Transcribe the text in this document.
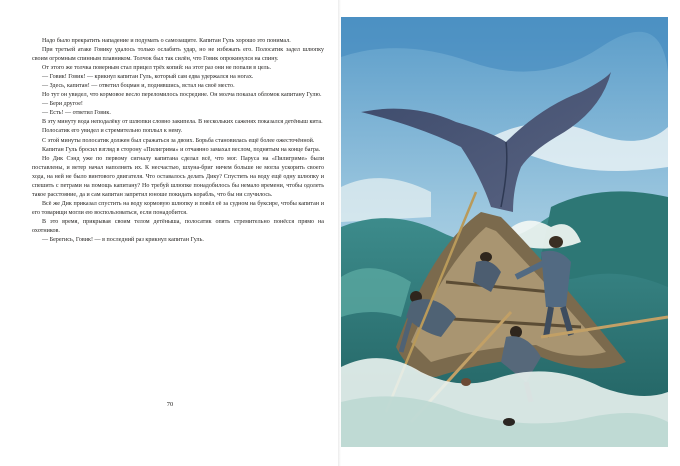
Надо было прекратить нападение и подумать о самозащите. Капитан Гуль хорошо это понимал.

При третьей атаке Говику удалось только ослабить удар, но не избежать его. Полосатик задел шлюпку своим огромным спинным плавником. Толчок был так силён, что Говик опрокинулся на спину.

От этого же толчка поверным стал прицел трёх копий: на этот раз они не попали в цель.

— Говик! Говик! — крикнул капитан Гуль, который сам едва удержался на ногах.

— Здесь, капитан! — ответил боцман и, поднявшись, встал на своё место.

Но тут он увидел, что кормовое весло переломилось посредине. Он молча показал обломок капитану Гулю.

— Бери другое!

— Есть! — ответил Говик.

В эту минуту вода неподалёку от шлюпки словно закипела. В нескольких саженях показался детёныш кита.

Полосатик его увидел и стремительно поплыл к нему.

С этой минуты полосатик должен был сражаться за двоих. Борьба становилась ещё более ожесточённой.

Капитан Гуль бросил взгляд в сторону «Пилигрима» и отчаянно замахал веслом, поднятым на конце багра.

Но Дик Сэнд уже по первому сигналу капитана сделал всё, что мог. Паруса на «Пилигриме» были поставлены, и ветер начал наполнять их. К несчастью, шхуна-бриг ничем больше не могла ускорить своего хода, на ней не было винтового двигателя. Что оставалось делать Дику? Спустить на воду ещё одну шлюпку и спешить с петрами на помощь капитану? Но требуй шлюпке понадобилось бы немало времени, чтобы одолеть такое расстояние, да и сам капитан запретил юноше покидать корабль, что бы ни случилось.

Всё же Дик приказал спустить на воду кормовую шлюпку и повёл её за судном на буксире, чтобы капитан и его товарищи могли ею воспользоваться, если понадобится.

В это время, прикрывая своим телом детёныша, полосатик опять стремительно понёсся прямо на охотников.

— Берегись, Говик! — в последний раз крикнул капитан Гуль.

70
